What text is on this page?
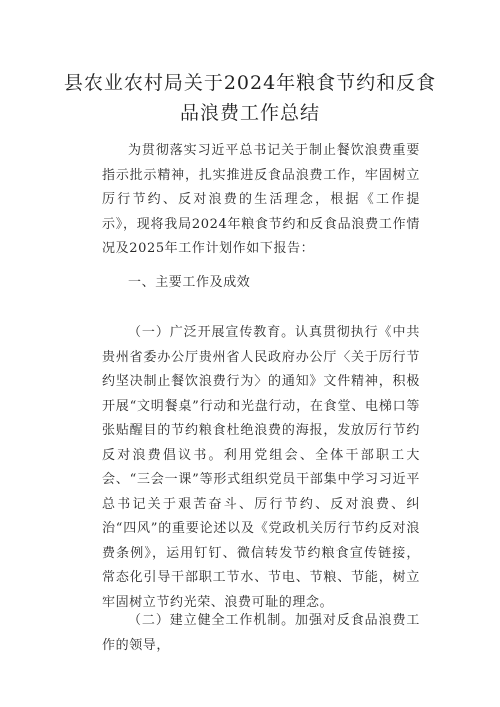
县农业农村局关于2024年粮食节约和反食
品浪费工作总结

为贯彻落实习近平总书记关于制止餐饮浪费重要指示批示精神，扎实推进反食品浪费工作，牢固树立厉行节约、反对浪费的生活理念，根据《工作提示》，现将我局2024年粮食节约和反食品浪费工作情况及2025年工作计划作如下报告：

一、主要工作及成效

（一）广泛开展宣传教育。认真贯彻执行《中共贵州省委办公厅贵州省人民政府办公厅〈关于厉行节约坚决制止餐饮浪费行为〉的通知》文件精神，积极开展“文明餐桌”行动和光盘行动，在食堂、电梯口等张贴醒目的节约粮食杜绝浪费的海报，发放厉行节约反对浪费倡议书。利用党组会、全体干部职工大会、“三会一课”等形式组织党员干部集中学习习近平总书记关于艰苦奋斗、厉行节约、反对浪费、纠治“四风”的重要论述以及《党政机关厉行节约反对浪费条例》，运用钉钉、微信转发节约粮食宣传链接，常态化引导干部职工节水、节电、节粮、节能，树立牢固树立节约光荣、浪费可耻的理念。

（二）建立健全工作机制。加强对反食品浪费工作的领导，
